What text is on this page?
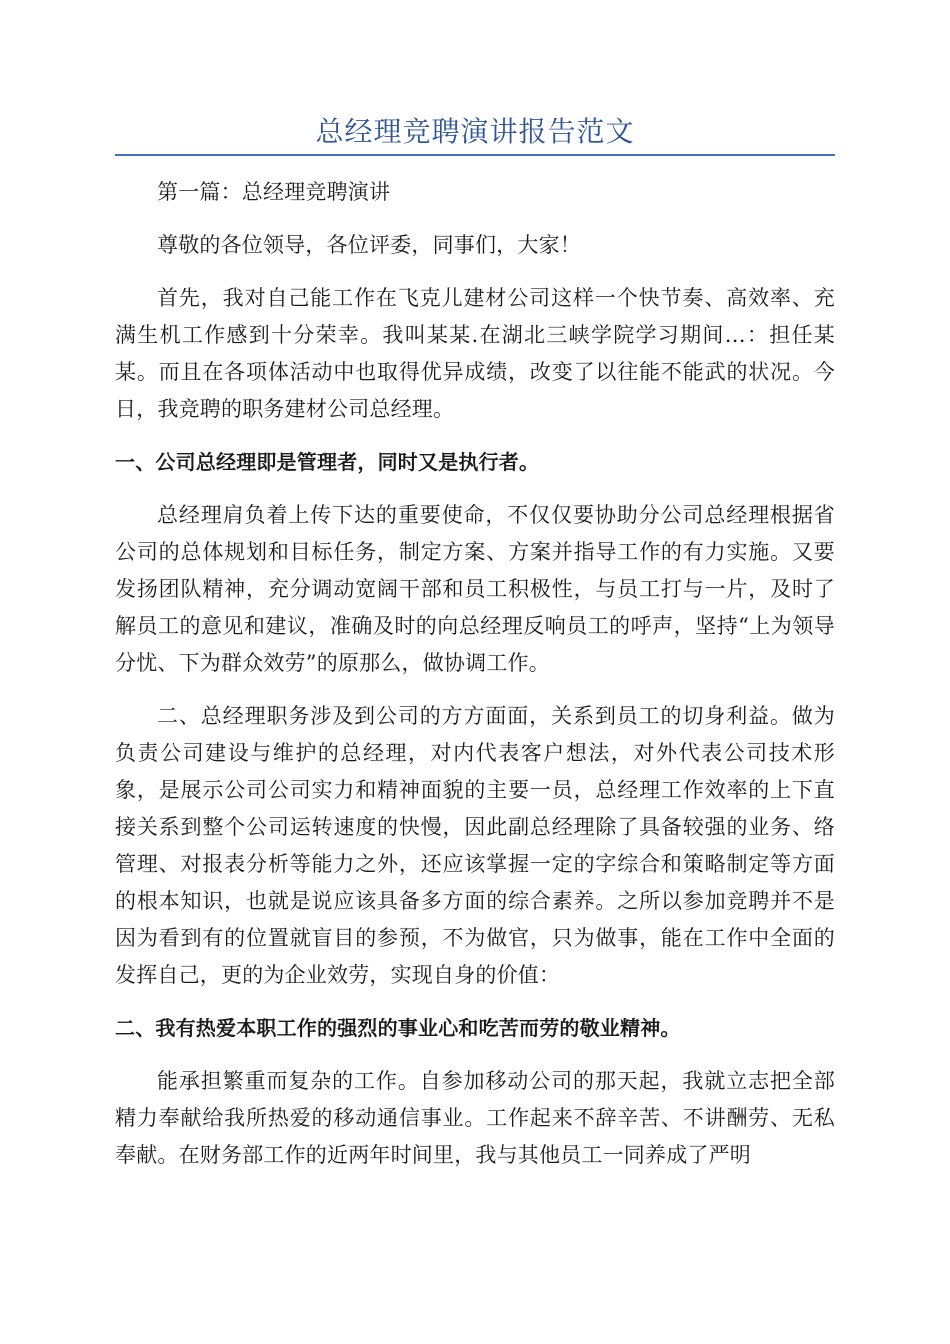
总经理竞聘演讲报告范文

第一篇：总经理竞聘演讲

尊敬的各位领导，各位评委，同事们，大家！

首先，我对自己能工作在飞克儿建材公司这样一个快节奏、高效率、充满生机工作感到十分荣幸。我叫某某.在湖北三峡学院学习期间…：担任某某。而且在各项体活动中也取得优异成绩，改变了以往能不能武的状况。今日，我竞聘的职务建材公司总经理。

一、公司总经理即是管理者，同时又是执行者。

总经理肩负着上传下达的重要使命，不仅仅要协助分公司总经理根据省公司的总体规划和目标任务，制定方案、方案并指导工作的有力实施。又要发扬团队精神，充分调动宽阔干部和员工积极性，与员工打与一片，及时了解员工的意见和建议，准确及时的向总经理反响员工的呼声，坚持“上为领导分忧、下为群众效劳”的原那么，做协调工作。

二、总经理职务涉及到公司的方方面面，关系到员工的切身利益。做为负责公司建设与维护的总经理，对内代表客户想法，对外代表公司技术形象，是展示公司公司实力和精神面貌的主要一员，总经理工作效率的上下直接关系到整个公司运转速度的快慢，因此副总经理除了具备较强的业务、络管理、对报表分析等能力之外，还应该掌握一定的字综合和策略制定等方面的根本知识，也就是说应该具备多方面的综合素养。之所以参加竞聘并不是因为看到有的位置就盲目的参预，不为做官，只为做事，能在工作中全面的发挥自己，更的为企业效劳，实现自身的价值：

二、我有热爱本职工作的强烈的事业心和吃苦而劳的敬业精神。

能承担繁重而复杂的工作。自参加移动公司的那天起，我就立志把全部精力奉献给我所热爱的移动通信事业。工作起来不辞辛苦、不讲酬劳、无私奉献。在财务部工作的近两年时间里，我与其他员工一同养成了严明
